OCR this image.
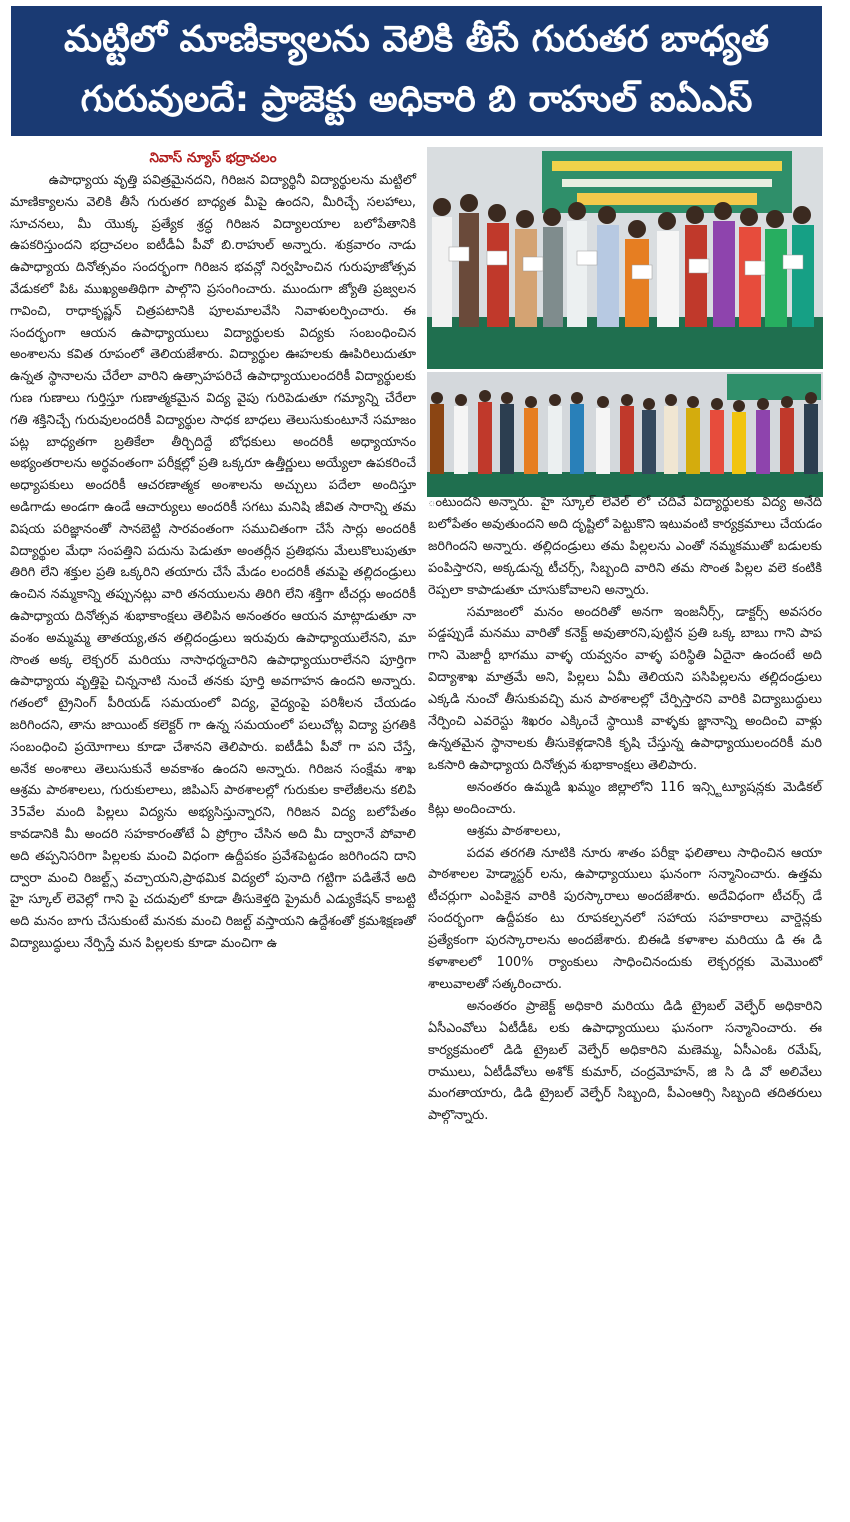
మట్టిలో మాణిక్యాలను వెలికి తీసే గురుతర బాధ్యత
గురువులదే: ప్రాజెక్టు అధికారి బి రాహుల్ ఐఏఎస్
నివాస్ న్యూస్ భద్రాచలం

ఉపాధ్యాయ వృత్తి పవిత్రమైనదని, గిరిజన విద్యార్థినీ విద్యార్థులను మట్టిలో మాణిక్యాలను వెలికి తీసే గురుతర బాధ్యత మీపై ఉందని, మీరిచ్చే సలహాలు, సూచనలు, మీ యొక్క ప్రత్యేక శ్రద్ధ గిరిజన విద్యాలయాల బలోపేతానికి ఉపకరిస్తుందని భద్రాచలం ఐటీడీఏ పీవో బి.రాహుల్ అన్నారు. శుక్రవారం నాడు ఉపాధ్యాయ దినోత్సవం సందర్భంగా గిరిజన భవన్లో నిర్వహించిన గురుపూజోత్సవ వేడుకలో పిఓ ముఖ్యఅతిథిగా పాల్గొని ప్రసంగించారు. ముందుగా జ్యోతి ప్రజ్వలన గావించి, రాధాకృష్ణన్ చిత్రపటానికి పూలమాలవేసి నివాళులర్పించారు. ఈ సందర్భంగా ఆయన ఉపాధ్యాయులు విద్యార్థులకు విద్యకు సంబంధించిన అంశాలను కవిత రూపంలో తెలియజేశారు. విద్యార్థుల ఊహలకు ఊపిరిలుదుతూ ఉన్నత స్థానాలను చేరేలా వారిని ఉత్సాహపరిచే ఉపాధ్యాయులందరికీ విద్యార్థులకు గుణ గుణాలు గుర్తిస్తూ గుణాత్మకమైన విద్య వైపు గురిపెడుతూ గమ్యాన్ని చేరేలా గతి శక్తినిచ్చే గురువులందరికీ విద్యార్థుల సాధక బాధలు తెలుసుకుంటూనే సమాజం పట్ల బాధ్యతగా బ్రతికేలా తీర్చిదిద్దే బోధకులు అందరికీ అధ్యాయానం అభ్యంతరాలను అర్థవంతంగా పరీక్షల్లో ప్రతి ఒక్కరూ ఉత్తీర్ణులు అయ్యేలా ఉపకరించే అధ్యాపకులు అందరికీ ఆచరణాత్మక అంశాలను అచ్చులు పదేలా అందిస్తూ అడిగాడు అండగా ఉండే ఆచార్యులు అందరికీ సగటు మనిషి జీవిత సారాన్ని తమ విషయ పరిజ్ఞానంతో సానబెట్టి సారవంతంగా సముచితంగా చేసే సార్లు అందరికీ విద్యార్థుల మేధా సంపత్తిని పదును పెడుతూ అంతర్లీన ప్రతిభను మేలుకొలుపుతూ తిరిగి లేని శక్తుల ప్రతి ఒక్కరిని తయారు చేసే మేడం లందరికీ తమపై తల్లిదండ్రులు ఉంచిన నమ్మకాన్ని తప్పునట్లు వారి తనయులను తిరిగి లేని శక్తిగా టీచర్లు అందరికీ ఉపాధ్యాయ దినోత్సవ శుభాకాంక్షలు తెలిపిన అనంతరం ఆయన మాట్లాడుతూ నా వంశం అమ్మమ్మ తాతయ్య,తన తల్లిదండ్రులు ఇరువురు ఉపాధ్యాయులేనని, మా సొంత అక్క లెక్చరర్ మరియు నాసాధర్మచారిని ఉపాధ్యాయురాలేనని పూర్తిగా ఉపాధ్యాయ వృత్తిపై చిన్ననాటి నుంచే తనకు పూర్తి అవగాహన ఉందని అన్నారు. గతంలో ట్రైనింగ్ పీరియడ్ సమయంలో విద్య, వైద్యంపై పరిశీలన చేయడం జరిగిందని, తాను జాయింట్ కలెక్టర్ గా ఉన్న సమయంలో పలుచోట్ల విద్యా ప్రగతికి సంబంధించి ప్రయోగాలు కూడా చేశానని తెలిపారు. ఐటీడీఏ పీవో గా పని చేస్తే, అనేక అంశాలు తెలుసుకునే అవకాశం ఉందని అన్నారు. గిరిజన సంక్షేమ శాఖ ఆశ్రమ పాఠశాలలు, గురుకులాలు, జిపిఎస్ పాఠశాలల్లో గురుకుల కాలేజీలను కలిపి 35వేల మంది పిల్లలు విద్యను అభ్యసిస్తున్నారని, గిరిజన విద్య బలోపేతం కావడానికి మీ అందరి సహకారంతోటే ఏ ప్రోగ్రాం చేసిన అది మీ ద్వారానే పోవాలి అది తప్పనిసరిగా పిల్లలకు మంచి విధంగా ఉద్దీపకం ప్రవేశపెట్టడం జరిగిందని దాని ద్వారా మంచి రిజల్ట్స్ వచ్చాయని,ప్రాథమిక విద్యలో పునాది గట్టిగా పడితేనే అది హై స్కూల్ లెవెల్లో గాని పై చదువులో కూడా తీసుకెళ్తది ప్రైమరీ ఎడ్యుకేషన్ కాబట్టి అది మనం బాగు చేసుకుంటే మనకు మంచి రిజల్ట్ వస్తాయని ఉద్దేశంతో క్రమశిక్షణతో విద్యాబుద్ధులు నేర్పిస్తే మన పిల్లలకు కూడా మంచిగా ఉ

ంటుందని అన్నారు. హై స్కూల్ లెవెల్ లో చదివే విద్యార్థులకు విద్య అనేది బలోపేతం అవుతుందని అది దృష్టిలో పెట్టుకొని ఇటువంటి కార్యక్రమాలు చేయడం జరిగిందని అన్నారు. తల్లిదండ్రులు తమ పిల్లలను ఎంతో నమ్మకముతో బడులకు పంపిస్తారని, అక్కడున్న టీచర్స్, సిబ్బంది వారిని తమ సొంత పిల్లల వలె కంటికి రెప్పలా కాపాడుతూ చూసుకోవాలని అన్నారు.

సమాజంలో మనం అందరితో అనగా ఇంజనీర్స్, డాక్టర్స్ అవసరం పడ్డప్పుడే మనము వారితో కనెక్ట్ అవుతారని,పుట్టిన ప్రతి ఒక్క బాబు గాని పాప గాని మెజార్టీ భాగము వాళ్ళ యవ్వనం వాళ్ళ పరిస్థితి ఏదైనా ఉందంటే అది విద్యాశాఖ మాత్రమే అని, పిల్లలు ఏమీ తెలియని పసిపిల్లలను తల్లిదండ్రులు ఎక్కడి నుంచో తీసుకువచ్చి మన పాఠశాలల్లో చేర్పిస్తారని వారికి విద్యాబుద్ధులు నేర్పించి ఎవరెస్టు శిఖరం ఎక్కించే స్థాయికి వాళ్ళకు జ్ఞానాన్ని అందించి వాళ్లు ఉన్నతమైన స్థానాలకు తీసుకెళ్లడానికి కృషి చేస్తున్న ఉపాధ్యాయులందరికీ మరి ఒకసారి ఉపాధ్యాయ దినోత్సవ శుభాకాంక్షలు తెలిపారు.

అనంతరం ఉమ్మడి ఖమ్మం జిల్లాలోని 116 ఇన్స్టిట్యూషన్లకు మెడికల్ కిట్లు అందించారు.

ఆశ్రమ పాఠశాలలు,

పదవ తరగతి నూటికి నూరు శాతం పరీక్షా ఫలితాలు సాధించిన ఆయా పాఠశాలల హెడ్మాస్టర్ లను, ఉపాధ్యాయులు ఘనంగా సన్మానించారు. ఉత్తమ టీచర్లుగా ఎంపికైన వారికి పురస్కారాలు అందజేశారు. అదేవిధంగా టీచర్స్ డే సందర్భంగా ఉద్దీపకం టు రూపకల్పనలో సహాయ సహకారాలు వార్డెన్లకు ప్రత్యేకంగా పురస్కారాలను అందజేశారు. బిఈడి కళాశాల మరియు డి ఈ డి కళాశాలలో 100% ర్యాంకులు సాధించినందుకు లెక్చరర్లకు మెమొంటో శాలువాలతో సత్కరించారు.

అనంతరం ప్రాజెక్ట్ అధికారి మరియు డిడి ట్రైబల్ వెల్ఫేర్ అధికారిని ఏసీఎంవోలు ఏటీడీఓ లకు ఉపాధ్యాయులు ఘనంగా సన్మానించారు. ఈ కార్యక్రమంలో డిడి ట్రైబల్ వెల్ఫేర్ అధికారిని మణెమ్మ, ఏసీఎంఓ రమేష్, రాములు, ఏటీడీవోలు అశోక్ కుమార్, చంద్రమోహన్, జి సి డి వో అలివేలు మంగతాయారు, డిడి ట్రైబల్ వెల్ఫేర్ సిబ్బంది, పీఎంఆర్సి సిబ్బంది తదితరులు పాల్గొన్నారు.
